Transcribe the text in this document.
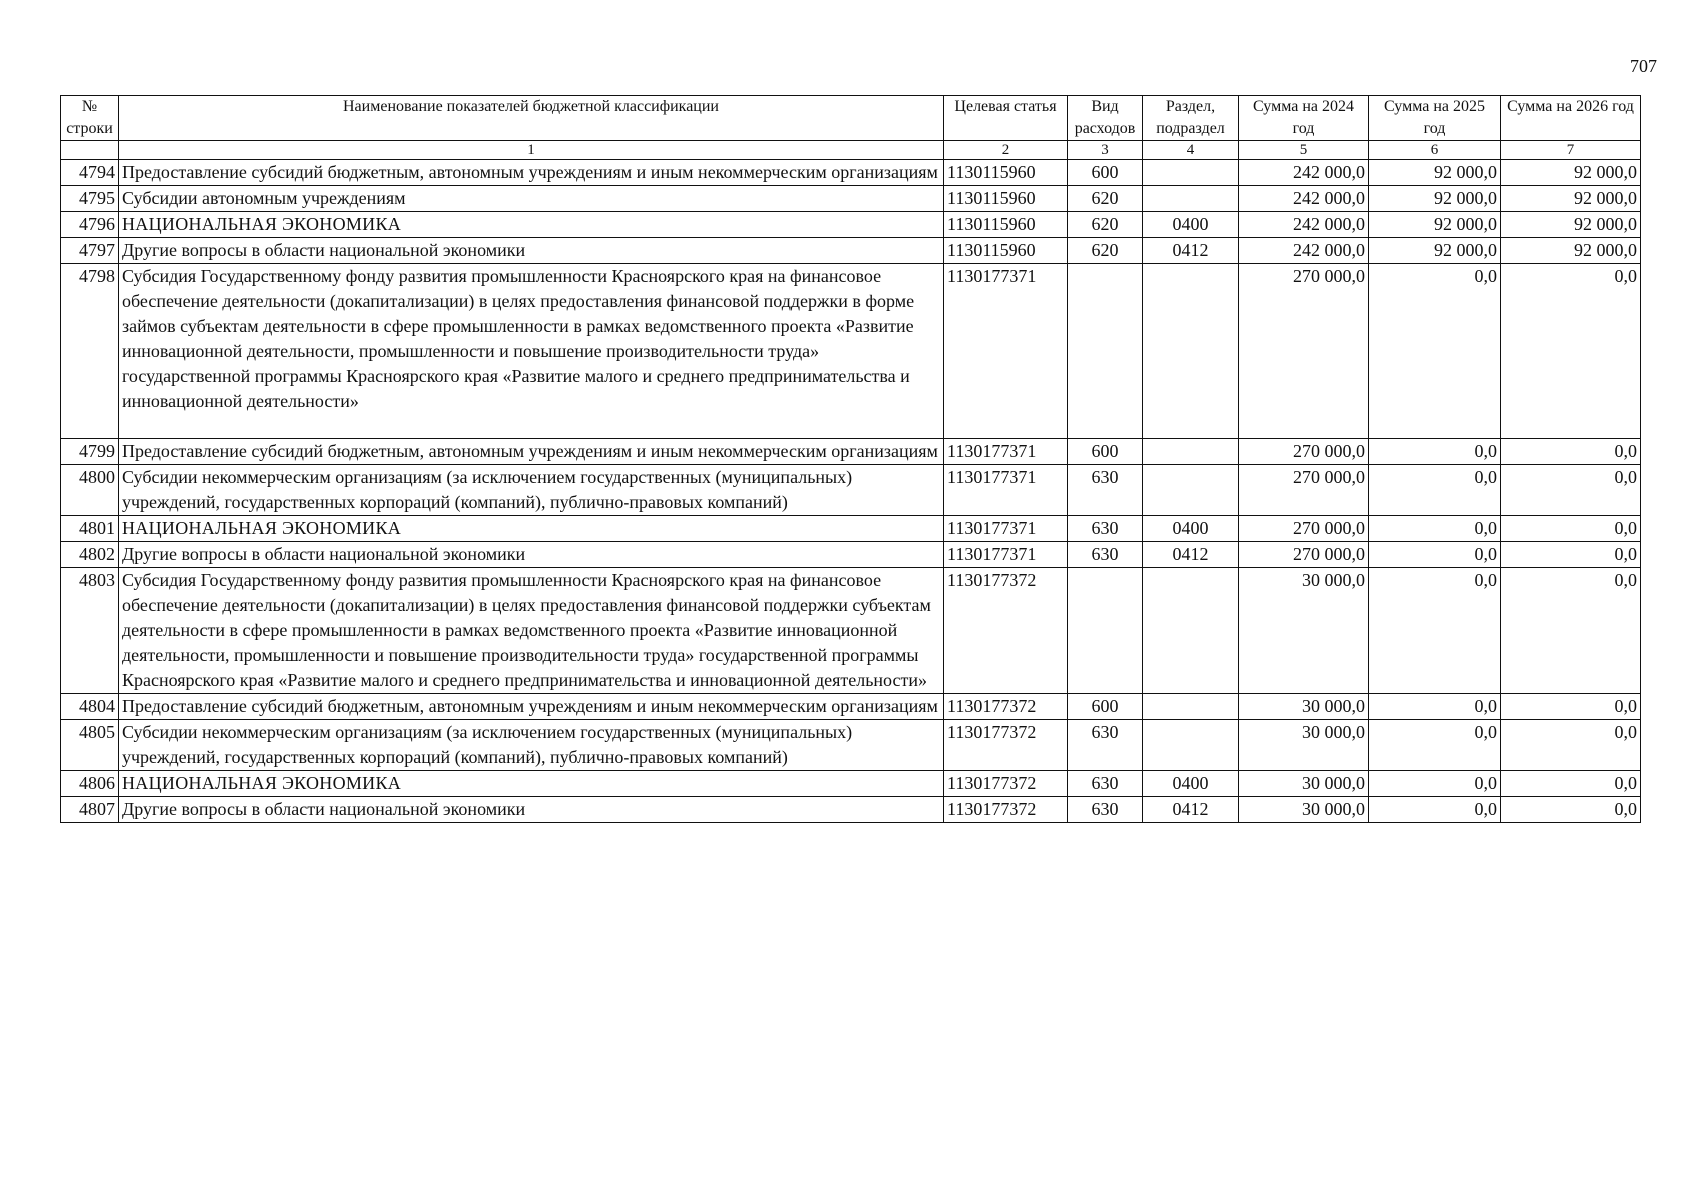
707
№ строки	Наименование показателей бюджетной классификации	Целевая статья	Вид расходов	Раздел, подраздел	Сумма на 2024 год	Сумма на 2025 год	Сумма на 2026 год
	1	2	3	4	5	6	7
4794	Предоставление субсидий бюджетным, автономным учреждениям и иным некоммерческим организациям	1130115960	600		242 000,0	92 000,0	92 000,0
4795	Субсидии автономным учреждениям	1130115960	620		242 000,0	92 000,0	92 000,0
4796	НАЦИОНАЛЬНАЯ ЭКОНОМИКА	1130115960	620	0400	242 000,0	92 000,0	92 000,0
4797	Другие вопросы в области национальной экономики	1130115960	620	0412	242 000,0	92 000,0	92 000,0
4798	Субсидия Государственному фонду развития промышленности Красноярского края на финансовое обеспечение деятельности (докапитализации) в целях предоставления финансовой поддержки в форме займов субъектам деятельности в сфере промышленности в рамках ведомственного проекта «Развитие инновационной деятельности, промышленности и повышение производительности труда» государственной программы Красноярского края «Развитие малого и среднего предпринимательства и инновационной деятельности»	1130177371			270 000,0	0,0	0,0
4799	Предоставление субсидий бюджетным, автономным учреждениям и иным некоммерческим организациям	1130177371	600		270 000,0	0,0	0,0
4800	Субсидии некоммерческим организациям (за исключением государственных (муниципальных) учреждений, государственных корпораций (компаний), публично-правовых компаний)	1130177371	630		270 000,0	0,0	0,0
4801	НАЦИОНАЛЬНАЯ ЭКОНОМИКА	1130177371	630	0400	270 000,0	0,0	0,0
4802	Другие вопросы в области национальной экономики	1130177371	630	0412	270 000,0	0,0	0,0
4803	Субсидия Государственному фонду развития промышленности Красноярского края на финансовое обеспечение деятельности (докапитализации) в целях предоставления финансовой поддержки субъектам деятельности в сфере промышленности в рамках ведомственного проекта «Развитие инновационной деятельности, промышленности и повышение производительности труда» государственной программы Красноярского края «Развитие малого и среднего предпринимательства и инновационной деятельности»	1130177372			30 000,0	0,0	0,0
4804	Предоставление субсидий бюджетным, автономным учреждениям и иным некоммерческим организациям	1130177372	600		30 000,0	0,0	0,0
4805	Субсидии некоммерческим организациям (за исключением государственных (муниципальных) учреждений, государственных корпораций (компаний), публично-правовых компаний)	1130177372	630		30 000,0	0,0	0,0
4806	НАЦИОНАЛЬНАЯ ЭКОНОМИКА	1130177372	630	0400	30 000,0	0,0	0,0
4807	Другие вопросы в области национальной экономики	1130177372	630	0412	30 000,0	0,0	0,0
